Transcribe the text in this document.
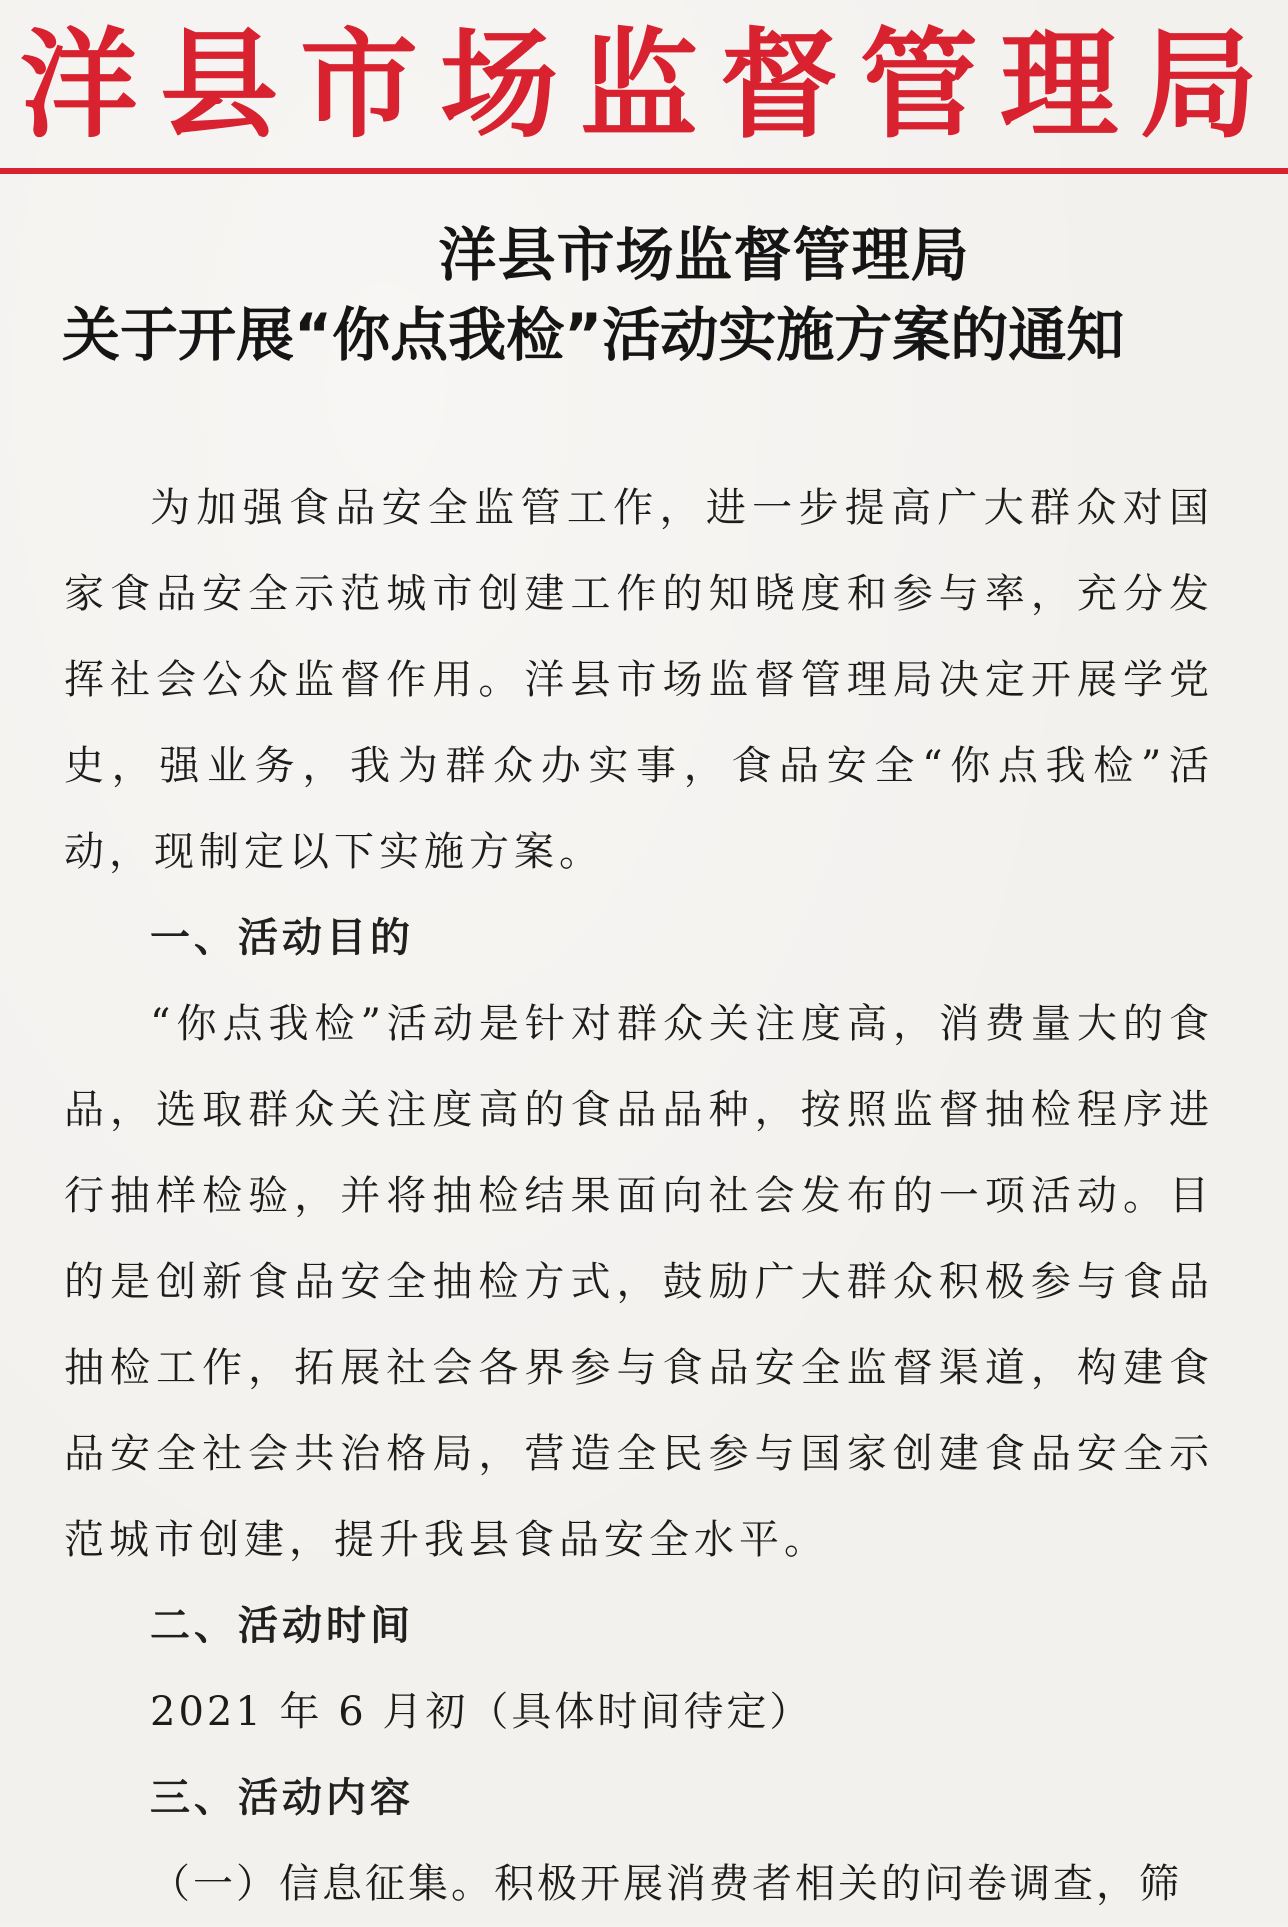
洋县市场监督管理局
洋县市场监督管理局
关于开展“你点我检”活动实施方案的通知

为加强食品安全监管工作，进一步提高广大群众对国家食品安全示范城市创建工作的知晓度和参与率，充分发挥社会公众监督作用。洋县市场监督管理局决定开展学党史，强业务，我为群众办实事，食品安全“你点我检”活动，现制定以下实施方案。

一、活动目的

“你点我检”活动是针对群众关注度高，消费量大的食品，选取群众关注度高的食品品种，按照监督抽检程序进行抽样检验，并将抽检结果面向社会发布的一项活动。目的是创新食品安全抽检方式，鼓励广大群众积极参与食品抽检工作，拓展社会各界参与食品安全监督渠道，构建食品安全社会共治格局，营造全民参与国家创建食品安全示范城市创建，提升我县食品安全水平。

二、活动时间

2021 年 6 月初（具体时间待定）

三、活动内容

（一）信息征集。积极开展消费者相关的问卷调查，筛
